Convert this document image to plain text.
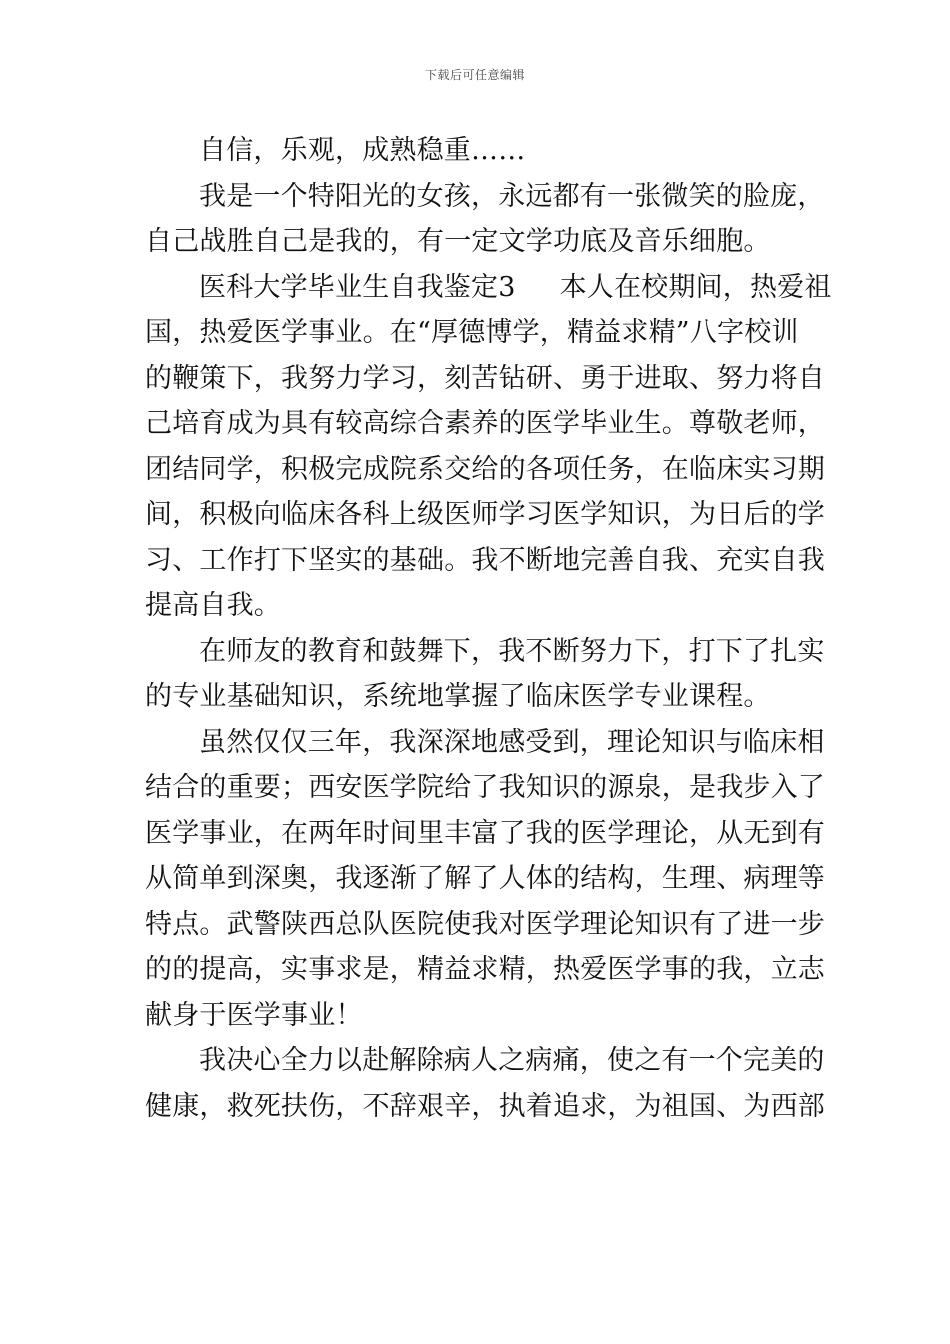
下载后可任意编辑
自信，乐观，成熟稳重……
我是一个特阳光的女孩，永远都有一张微笑的脸庞，
自己战胜自己是我的，有一定文学功底及音乐细胞。
医科大学毕业生自我鉴定3 本人在校期间，热爱祖
国，热爱医学事业。在“厚德博学，精益求精”八字校训
的鞭策下，我努力学习，刻苦钻研、勇于进取、努力将自
己培育成为具有较高综合素养的医学毕业生。尊敬老师，
团结同学，积极完成院系交给的各项任务，在临床实习期
间，积极向临床各科上级医师学习医学知识，为日后的学
习、工作打下坚实的基础。我不断地完善自我、充实自我
提高自我。
在师友的教育和鼓舞下，我不断努力下，打下了扎实
的专业基础知识，系统地掌握了临床医学专业课程。
虽然仅仅三年，我深深地感受到，理论知识与临床相
结合的重要；西安医学院给了我知识的源泉，是我步入了
医学事业，在两年时间里丰富了我的医学理论，从无到有
从简单到深奥，我逐渐了解了人体的结构，生理、病理等
特点。武警陕西总队医院使我对医学理论知识有了进一步
的的提高，实事求是，精益求精，热爱医学事的我，立志
献身于医学事业！
我决心全力以赴解除病人之病痛，使之有一个完美的
健康，救死扶伤，不辞艰辛，执着追求，为祖国、为西部
